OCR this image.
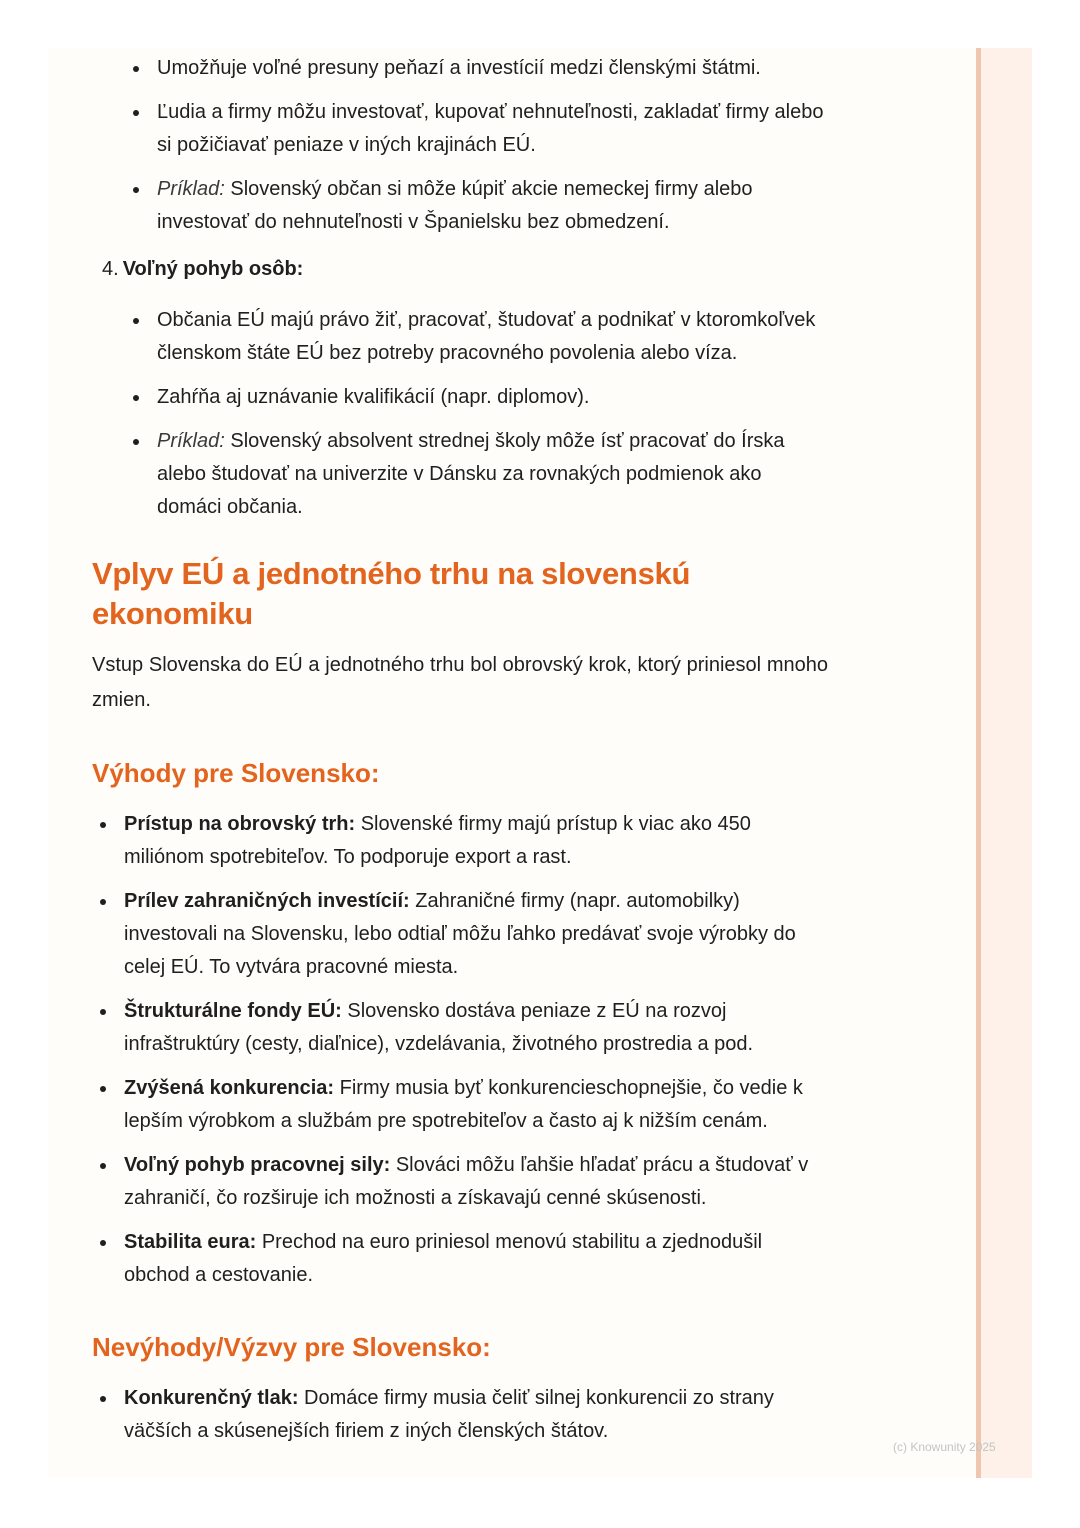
Umožňuje voľné presuny peňazí a investícií medzi členskými štátmi.
Ľudia a firmy môžu investovať, kupovať nehnuteľnosti, zakladať firmy alebo si požičiavať peniaze v iných krajinách EÚ.
Príklad: Slovenský občan si môže kúpiť akcie nemeckej firmy alebo investovať do nehnuteľnosti v Španielsku bez obmedzení.
4. Voľný pohyb osôb:
Občania EÚ majú právo žiť, pracovať, študovať a podnikať v ktoromkoľvek členskom štáte EÚ bez potreby pracovného povolenia alebo víza.
Zahŕňa aj uznávanie kvalifikácií (napr. diplomov).
Príklad: Slovenský absolvent strednej školy môže ísť pracovať do Írska alebo študovať na univerzite v Dánsku za rovnakých podmienok ako domáci občania.
Vplyv EÚ a jednotného trhu na slovenskú ekonomiku

Vstup Slovenska do EÚ a jednotného trhu bol obrovský krok, ktorý priniesol mnoho zmien.

Výhody pre Slovensko:
Prístup na obrovský trh: Slovenské firmy majú prístup k viac ako 450 miliónom spotrebiteľov. To podporuje export a rast.
Prílev zahraničných investícií: Zahraničné firmy (napr. automobilky) investovali na Slovensku, lebo odtiaľ môžu ľahko predávať svoje výrobky do celej EÚ. To vytvára pracovné miesta.
Štrukturálne fondy EÚ: Slovensko dostáva peniaze z EÚ na rozvoj infraštruktúry (cesty, diaľnice), vzdelávania, životného prostredia a pod.
Zvýšená konkurencia: Firmy musia byť konkurencieschopnejšie, čo vedie k lepším výrobkom a službám pre spotrebiteľov a často aj k nižším cenám.
Voľný pohyb pracovnej sily: Slováci môžu ľahšie hľadať prácu a študovať v zahraničí, čo rozširuje ich možnosti a získavajú cenné skúsenosti.
Stabilita eura: Prechod na euro priniesol menovú stabilitu a zjednodušil obchod a cestovanie.
Nevýhody/Výzvy pre Slovensko:
Konkurenčný tlak: Domáce firmy musia čeliť silnej konkurencii zo strany väčších a skúsenejších firiem z iných členských štátov.
(c) Knowunity 2025
